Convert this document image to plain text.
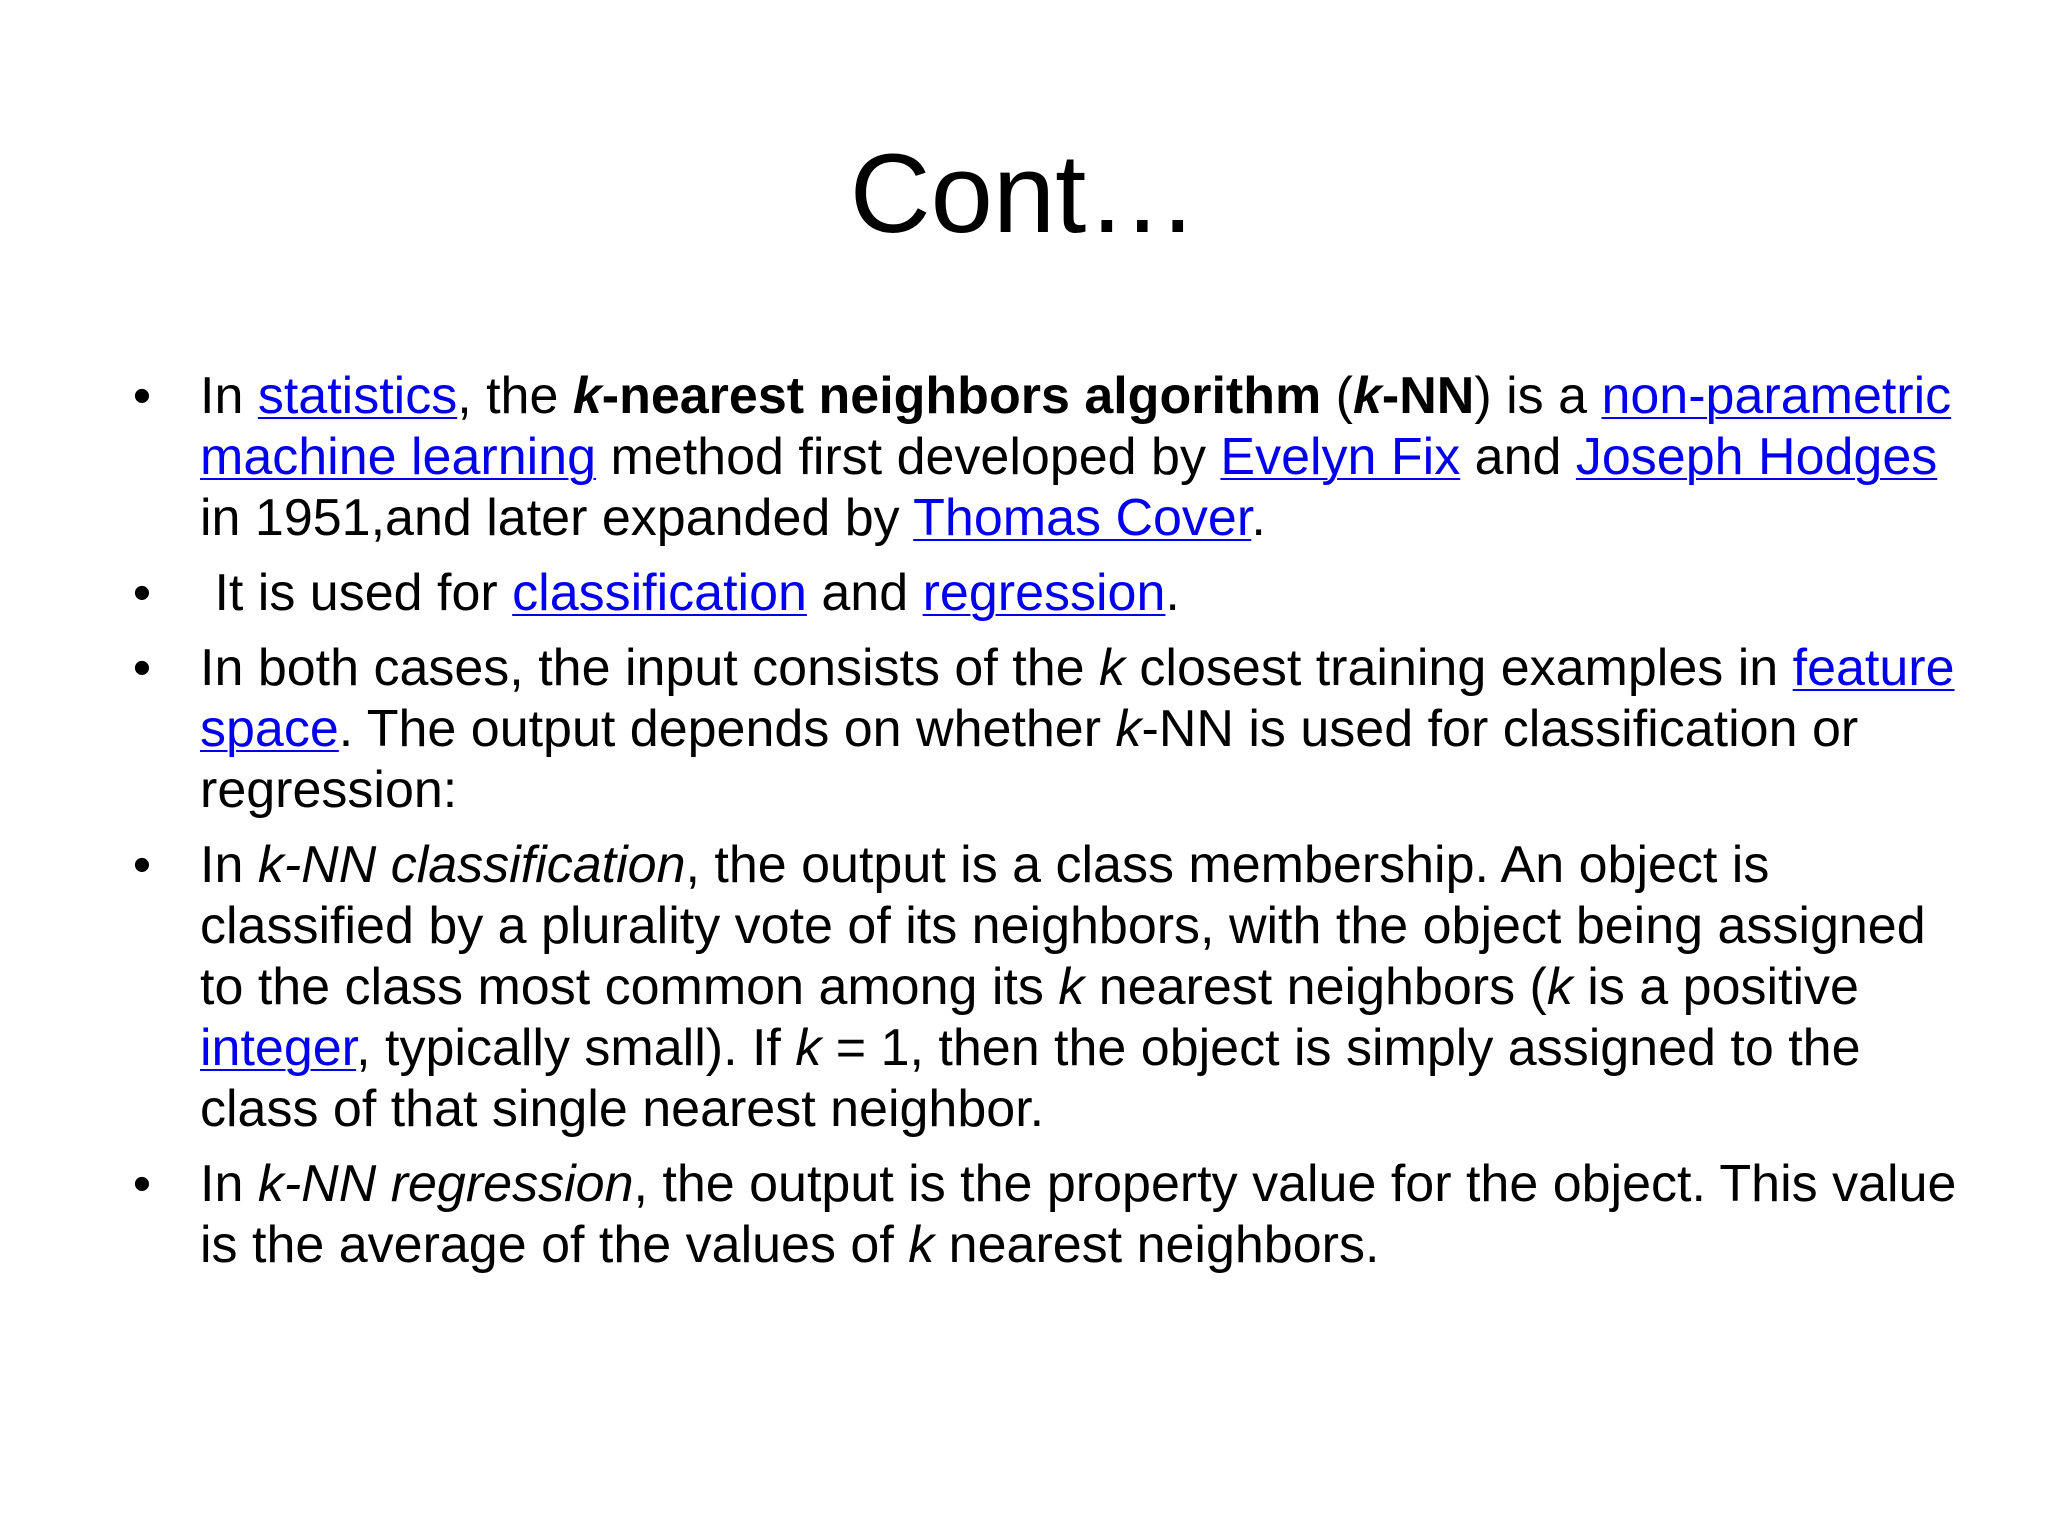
Cont…
• In statistics, the k-nearest neighbors algorithm (k-NN) is a non-parametric machine learning method first developed by Evelyn Fix and Joseph Hodges in 1951,and later expanded by Thomas Cover.
• It is used for classification and regression.
• In both cases, the input consists of the k closest training examples in feature space. The output depends on whether k-NN is used for classification or regression:
• In k-NN classification, the output is a class membership. An object is classified by a plurality vote of its neighbors, with the object being assigned to the class most common among its k nearest neighbors (k is a positive integer, typically small). If k = 1, then the object is simply assigned to the class of that single nearest neighbor.
• In k-NN regression, the output is the property value for the object. This value is the average of the values of k nearest neighbors.
